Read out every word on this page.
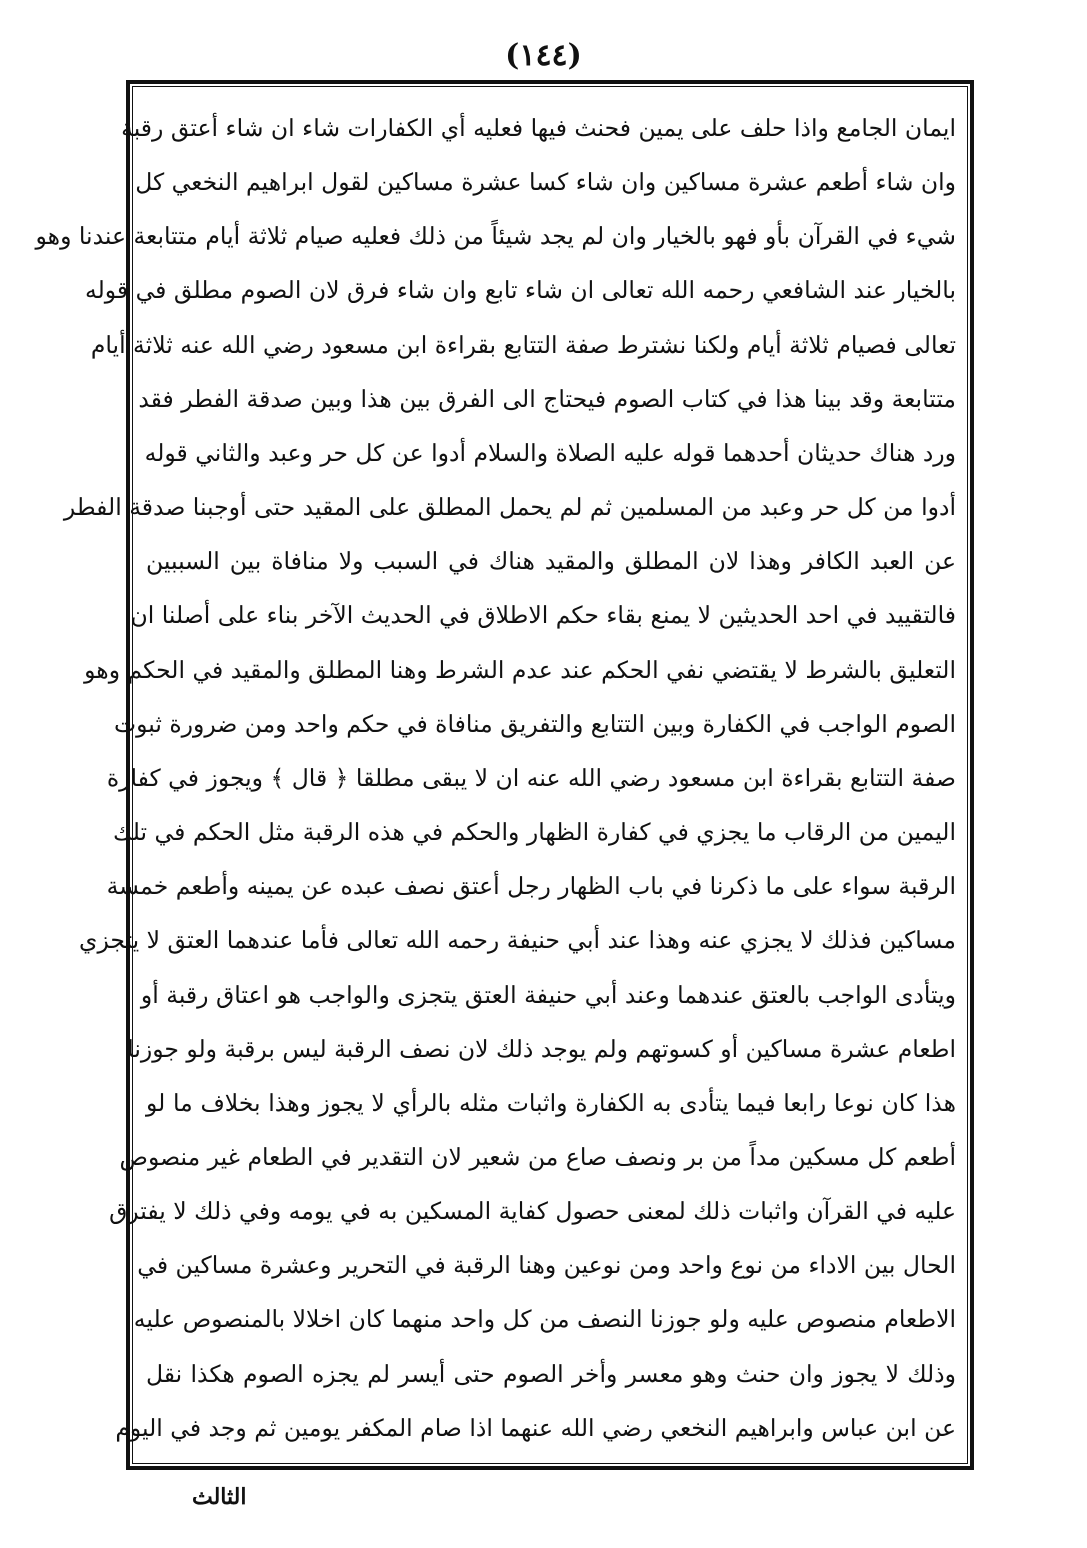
(١٤٤)
ايمان الجامع واذا حلف على يمين فحنث فيها فعليه أي الكفارات شاء ان شاء أعتق رقبة
وان شاء أطعم عشرة مساكين وان شاء كسا عشرة مساكين لقول ابراهيم النخعي كل
شيء في القرآن بأو فهو بالخيار وان لم يجد شيئاً من ذلك فعليه صيام ثلاثة أيام متتابعة عندنا وهو
بالخيار عند الشافعي رحمه الله تعالى ان شاء تابع وان شاء فرق لان الصوم مطلق في قوله
تعالى فصيام ثلاثة أيام ولكنا نشترط صفة التتابع بقراءة ابن مسعود رضي الله عنه ثلاثة أيام
متتابعة وقد بينا هذا في كتاب الصوم فيحتاج الى الفرق بين هذا وبين صدقة الفطر فقد
ورد هناك حديثان أحدهما قوله عليه الصلاة والسلام أدوا عن كل حر وعبد والثاني قوله
أدوا من كل حر وعبد من المسلمين ثم لم يحمل المطلق على المقيد حتى أوجبنا صدقة الفطر
عن العبد الكافر وهذا لان المطلق والمقيد هناك في السبب ولا منافاة بين السببين
فالتقييد في احد الحديثين لا يمنع بقاء حكم الاطلاق في الحديث الآخر بناء على أصلنا ان
التعليق بالشرط لا يقتضي نفي الحكم عند عدم الشرط وهنا المطلق والمقيد في الحكم وهو
الصوم الواجب في الكفارة وبين التتابع والتفريق منافاة في حكم واحد ومن ضرورة ثبوت
صفة التتابع بقراءة ابن مسعود رضي الله عنه ان لا يبقى مطلقا ﴿ قال ﴾ ويجوز في كفارة
اليمين من الرقاب ما يجزي في كفارة الظهار والحكم في هذه الرقبة مثل الحكم في تلك
الرقبة سواء على ما ذكرنا في باب الظهار رجل أعتق نصف عبده عن يمينه وأطعم خمسة
مساكين فذلك لا يجزي عنه وهذا عند أبي حنيفة رحمه الله تعالى فأما عندهما العتق لا يتجزي
ويتأدى الواجب بالعتق عندهما وعند أبي حنيفة العتق يتجزى والواجب هو اعتاق رقبة أو
اطعام عشرة مساكين أو كسوتهم ولم يوجد ذلك لان نصف الرقبة ليس برقبة ولو جوزنا
هذا كان نوعا رابعا فيما يتأدى به الكفارة واثبات مثله بالرأي لا يجوز وهذا بخلاف ما لو
أطعم كل مسكين مداً من بر ونصف صاع من شعير لان التقدير في الطعام غير منصوص
عليه في القرآن واثبات ذلك لمعنى حصول كفاية المسكين به في يومه وفي ذلك لا يفترق
الحال بين الاداء من نوع واحد ومن نوعين وهنا الرقبة في التحرير وعشرة مساكين في
الاطعام منصوص عليه ولو جوزنا النصف من كل واحد منهما كان اخلالا بالمنصوص عليه
وذلك لا يجوز وان حنث وهو معسر وأخر الصوم حتى أيسر لم يجزه الصوم هكذا نقل
عن ابن عباس وابراهيم النخعي رضي الله عنهما اذا صام المكفر يومين ثم وجد في اليوم
الثالث
